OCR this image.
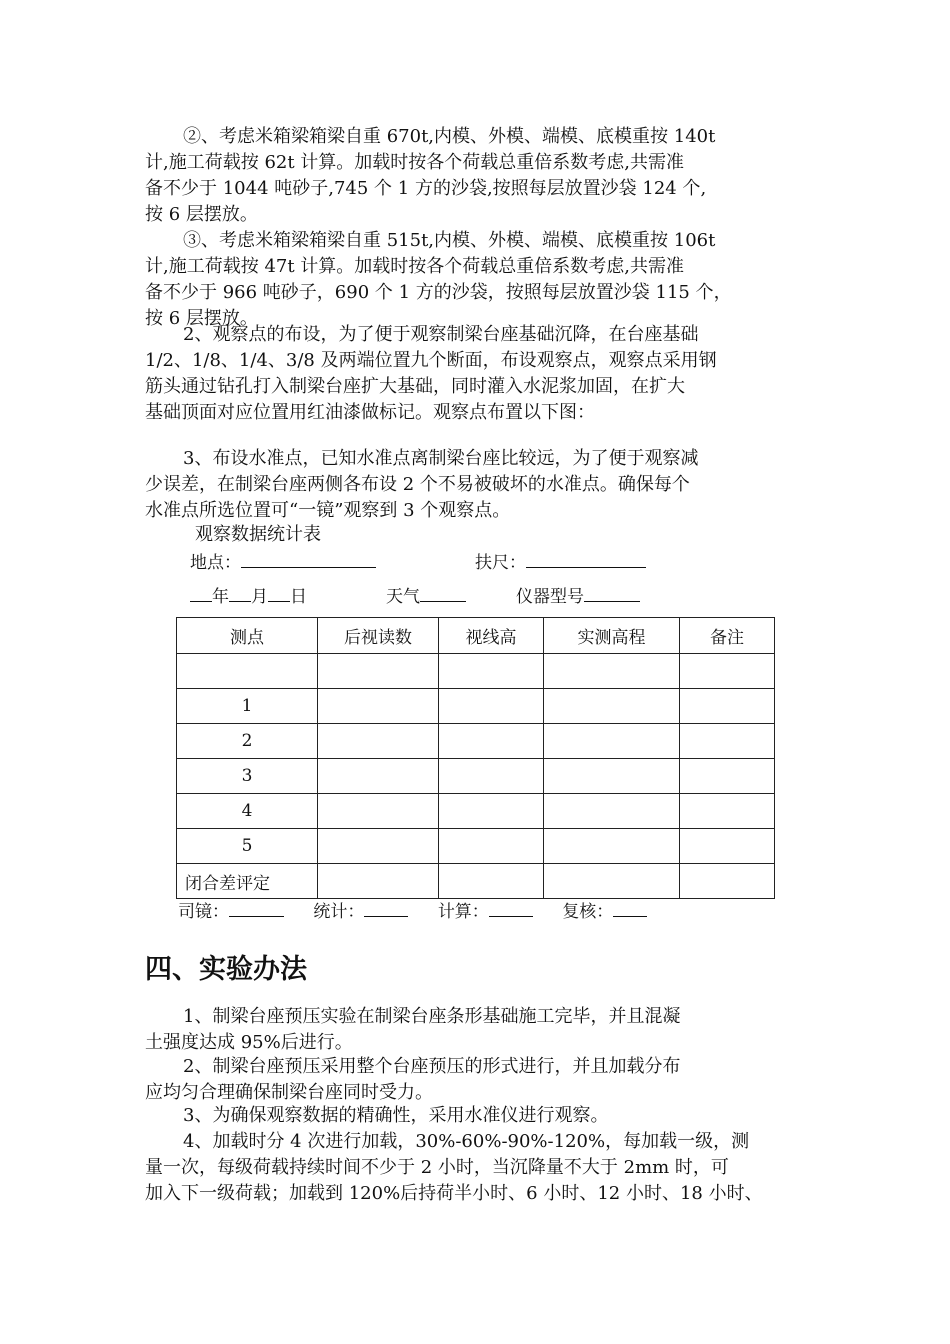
②、考虑米箱梁箱梁自重 670t,内模、外模、端模、底模重按 140t
计,施工荷载按 62t 计算。加载时按各个荷载总重倍系数考虑,共需准
备不少于 1044 吨砂子,745 个 1 方的沙袋,按照每层放置沙袋 124 个,
按 6 层摆放。
③、考虑米箱梁箱梁自重 515t,内模、外模、端模、底模重按 106t
计,施工荷载按 47t 计算。加载时按各个荷载总重倍系数考虑,共需准
备不少于 966 吨砂子，690 个 1 方的沙袋，按照每层放置沙袋 115 个，
按 6 层摆放。
2、观察点的布设，为了便于观察制梁台座基础沉降，在台座基础
1/2、1/8、1/4、3/8 及两端位置九个断面，布设观察点，观察点采用钢
筋头通过钻孔打入制梁台座扩大基础，同时灌入水泥浆加固，在扩大
基础顶面对应位置用红油漆做标记。观察点布置以下图：
3、布设水准点，已知水准点离制梁台座比较远，为了便于观察减
少误差，在制梁台座两侧各布设 2 个不易被破坏的水准点。确保每个
水准点所选位置可“一镜”观察到 3 个观察点。
观察数据统计表
地点：	扶尺：
年 月 日	天气	仪器型号
测点	后视读数	视线高	实测高程	备注

1				
2				
3				
4				
5				
闭合差评定				
司镜：	统计：	计算：	复核：
四、实验办法
1、制梁台座预压实验在制梁台座条形基础施工完毕，并且混凝
土强度达成 95%后进行。
2、制梁台座预压采用整个台座预压的形式进行，并且加载分布
应均匀合理确保制梁台座同时受力。
3、为确保观察数据的精确性，采用水准仪进行观察。
4、加载时分 4 次进行加载，30%-60%-90%-120%，每加载一级，测
量一次，每级荷载持续时间不少于 2 小时，当沉降量不大于 2mm 时，可
加入下一级荷载；加载到 120%后持荷半小时、6 小时、12 小时、18 小时、
